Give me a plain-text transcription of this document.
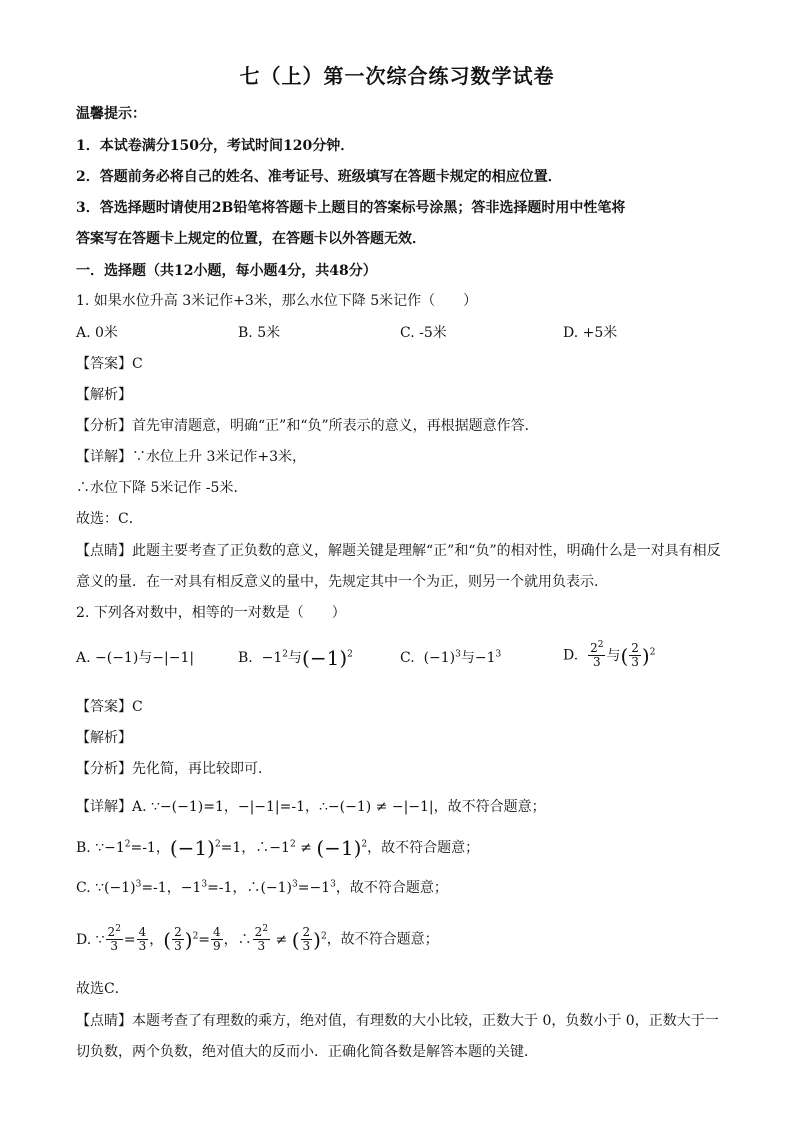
七（上）第一次综合练习数学试卷
温馨提示：
1．本试卷满分150分，考试时间120分钟．
2．答题前务必将自己的姓名、准考证号、班级填写在答题卡规定的相应位置．
3．答选择题时请使用2B铅笔将答题卡上题目的答案标号涂黑；答非选择题时用中性笔将
答案写在答题卡上规定的位置，在答题卡以外答题无效．
一．选择题（共12小题，每小题4分，共48分）
1. 如果水位升高 3米记作+3米，那么水位下降 5米记作（　　）
A. 0米	B. 5米	C. -5米	D. +5米
【答案】C
【解析】
【分析】首先审清题意，明确“正”和“负”所表示的意义，再根据题意作答．
【详解】∵水位上升 3米记作+3米，
∴水位下降 5米记作 -5米．
故选：C．
【点睛】此题主要考查了正负数的意义，解题关键是理解“正”和“负”的相对性，明确什么是一对具有相反
意义的量．在一对具有相反意义的量中，先规定其中一个为正，则另一个就用负表示．
2. 下列各对数中，相等的一对数是（　　）
A. −(−1)与−|−1|	B.  $-1^2$与$(-1)^2$	C.  $(-1)^3$与$-1^3$	D. $\frac{2^2}{3}$ 与( $\frac{2}{3} )^2$
【答案】C
【解析】
【分析】先化简，再比较即可．
【详解】A. ∵−(−1)=1，−|−1|=-1，∴−(−1) ≠ −|−1|，故不符合题意；
B. $\because-1^2=-1$，$(-1)^2=1$，$\therefore-1^2 \ne (-1)^2$，故不符合题意；
C. $\because(-1)^3=-1$，$-1^3=-1$，$\therefore(-1)^3=-1^3$，故不符合题意；
D. ∵ $\frac{2^2}{3} = \frac{4}{3}$ ，( $\frac{2}{3} )^2= \frac{4}{9}$ ，∴ $\frac{2^2}{3}$ ≠ ( $\frac{2}{3} )^2$，故不符合题意；
故选C．
【点睛】本题考查了有理数的乘方，绝对值，有理数的大小比较，正数大于 0，负数小于 0，正数大于一
切负数，两个负数，绝对值大的反而小．正确化简各数是解答本题的关键．
